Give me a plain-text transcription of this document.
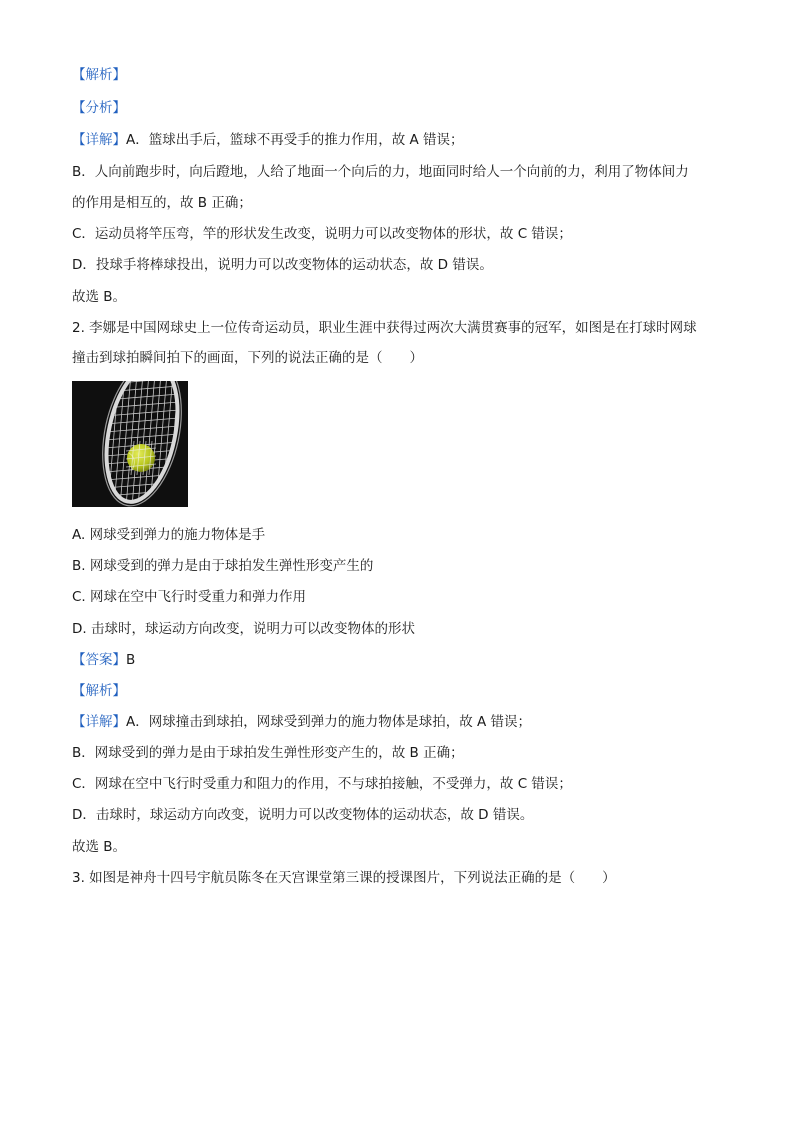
【解析】

【分析】

【详解】A．篮球出手后，篮球不再受手的推力作用，故 A 错误；

B．人向前跑步时，向后蹬地，人给了地面一个向后的力，地面同时给人一个向前的力，利用了物体间力

的作用是相互的，故 B 正确；

C．运动员将竿压弯，竿的形状发生改变，说明力可以改变物体的形状，故 C 错误；

D．投球手将棒球投出，说明力可以改变物体的运动状态，故 D 错误。

故选 B。

2. 李娜是中国网球史上一位传奇运动员，职业生涯中获得过两次大满贯赛事的冠军，如图是在打球时网球

撞击到球拍瞬间拍下的画面，下列的说法正确的是（　　）

A. 网球受到弹力的施力物体是手

B. 网球受到的弹力是由于球拍发生弹性形变产生的

C. 网球在空中飞行时受重力和弹力作用

D. 击球时，球运动方向改变，说明力可以改变物体的形状

【答案】B

【解析】

【详解】A．网球撞击到球拍，网球受到弹力的施力物体是球拍，故 A 错误；

B．网球受到的弹力是由于球拍发生弹性形变产生的，故 B 正确；

C．网球在空中飞行时受重力和阻力的作用，不与球拍接触，不受弹力，故 C 错误；

D．击球时，球运动方向改变，说明力可以改变物体的运动状态，故 D 错误。

故选 B。

3. 如图是神舟十四号宇航员陈冬在天宫课堂第三课的授课图片，下列说法正确的是（　　）
